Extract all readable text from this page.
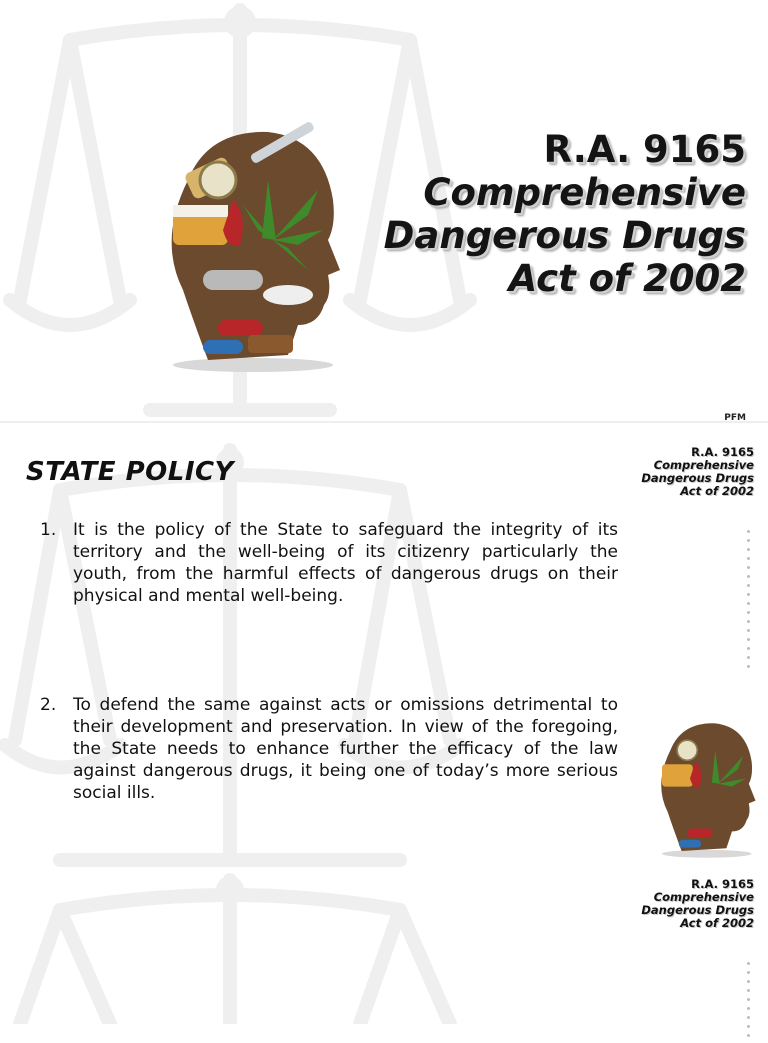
R.A. 9165
Comprehensive
Dangerous Drugs
Act of 2002
PFM
R.A. 9165
Comprehensive
Dangerous Drugs
Act of 2002
R.A. 9165
Comprehensive
Dangerous Drugs
Act of 2002
STATE POLICY
1. It is the policy of the State to safeguard the integrity of its territory and the well-being of its citizenry particularly the youth, from the harmful effects of dangerous drugs on their physical and mental well-being.
2. To defend the same against acts or omissions detrimental to their development and preservation. In view of the foregoing, the State needs to enhance further the efficacy of the law against dangerous drugs, it being one of today’s more serious social ills.
